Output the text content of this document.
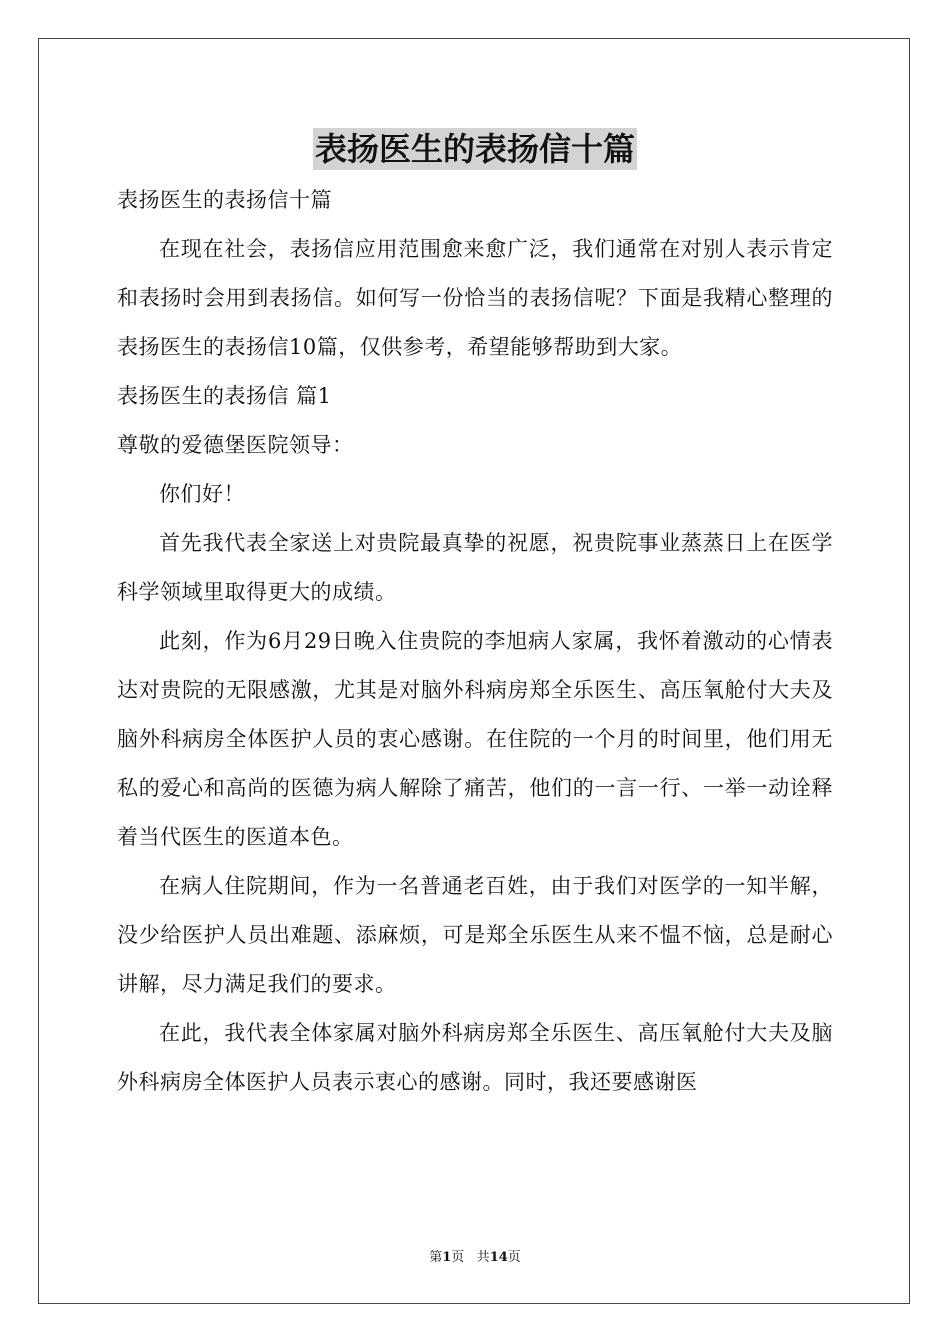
表扬医生的表扬信十篇

表扬医生的表扬信十篇

在现在社会，表扬信应用范围愈来愈广泛，我们通常在对别人表示肯定和表扬时会用到表扬信。如何写一份恰当的表扬信呢？下面是我精心整理的表扬医生的表扬信10篇，仅供参考，希望能够帮助到大家。

表扬医生的表扬信 篇1

尊敬的爱德堡医院领导：

你们好！

首先我代表全家送上对贵院最真挚的祝愿，祝贵院事业蒸蒸日上在医学科学领域里取得更大的成绩。

此刻，作为6月29日晚入住贵院的李旭病人家属，我怀着激动的心情表达对贵院的无限感激，尤其是对脑外科病房郑全乐医生、高压氧舱付大夫及脑外科病房全体医护人员的衷心感谢。在住院的一个月的时间里，他们用无私的爱心和高尚的医德为病人解除了痛苦，他们的一言一行、一举一动诠释着当代医生的医道本色。

在病人住院期间，作为一名普通老百姓，由于我们对医学的一知半解，没少给医护人员出难题、添麻烦，可是郑全乐医生从来不愠不恼，总是耐心讲解，尽力满足我们的要求。

在此，我代表全体家属对脑外科病房郑全乐医生、高压氧舱付大夫及脑外科病房全体医护人员表示衷心的感谢。同时，我还要感谢医

第1页 共14页
